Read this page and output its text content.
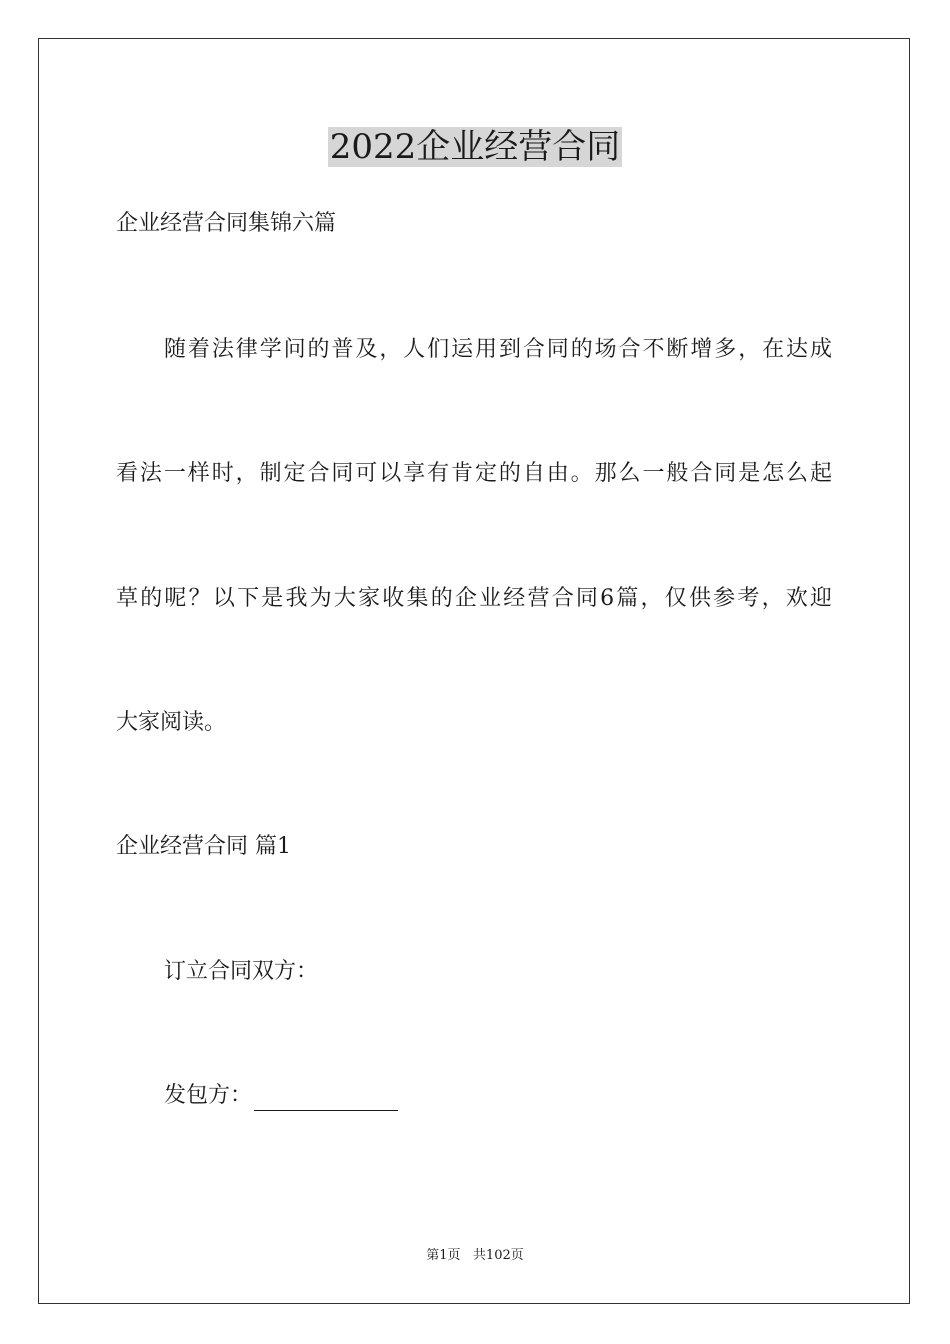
2022企业经营合同
企业经营合同集锦六篇
随着法律学问的普及，人们运用到合同的场合不断增多，在达成
看法一样时，制定合同可以享有肯定的自由。那么一般合同是怎么起
草的呢？以下是我为大家收集的企业经营合同6篇，仅供参考，欢迎
大家阅读。
企业经营合同 篇1
订立合同双方：
发包方：
第1页   共102页
